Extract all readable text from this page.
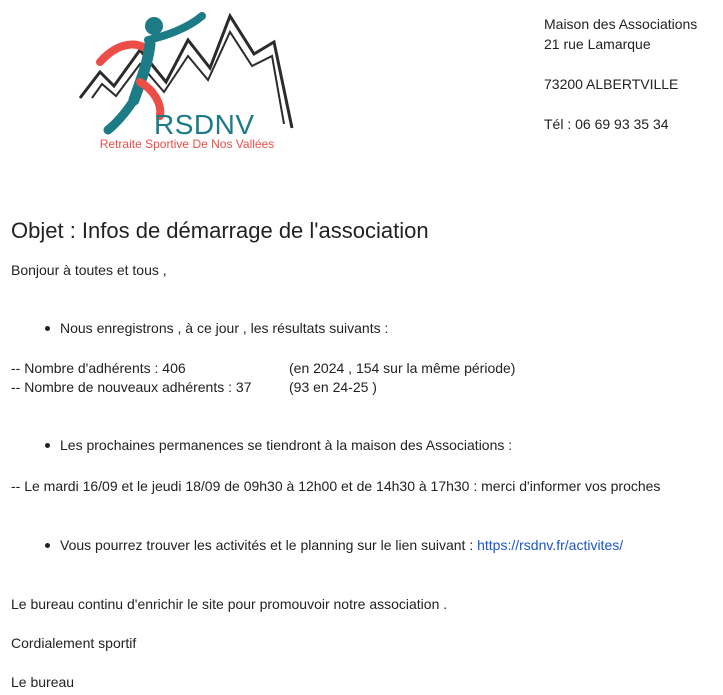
RSDNV
Retraite Sportive De Nos Vallées
Maison des Associations
21 rue Lamarque
73200 ALBERTVILLE
Tél : 06 69 93 35 34
Objet : Infos de démarrage de l'association
Bonjour à toutes et tous ,
Nous enregistrons , à ce jour , les résultats suivants :
-- Nombre d'adhérents : 406	(en 2024 , 154 sur la même période)
-- Nombre de nouveaux adhérents : 37	(93 en 24-25 )
Les prochaines permanences se tiendront à la maison des Associations :
-- Le mardi 16/09 et le jeudi 18/09 de 09h30 à 12h00 et de 14h30 à 17h30 : merci d'informer vos proches
Vous pourrez trouver les activités et le planning sur le lien suivant : https://rsdnv.fr/activites/
Le bureau continu d'enrichir le site pour promouvoir notre association .
Cordialement sportif
Le bureau
